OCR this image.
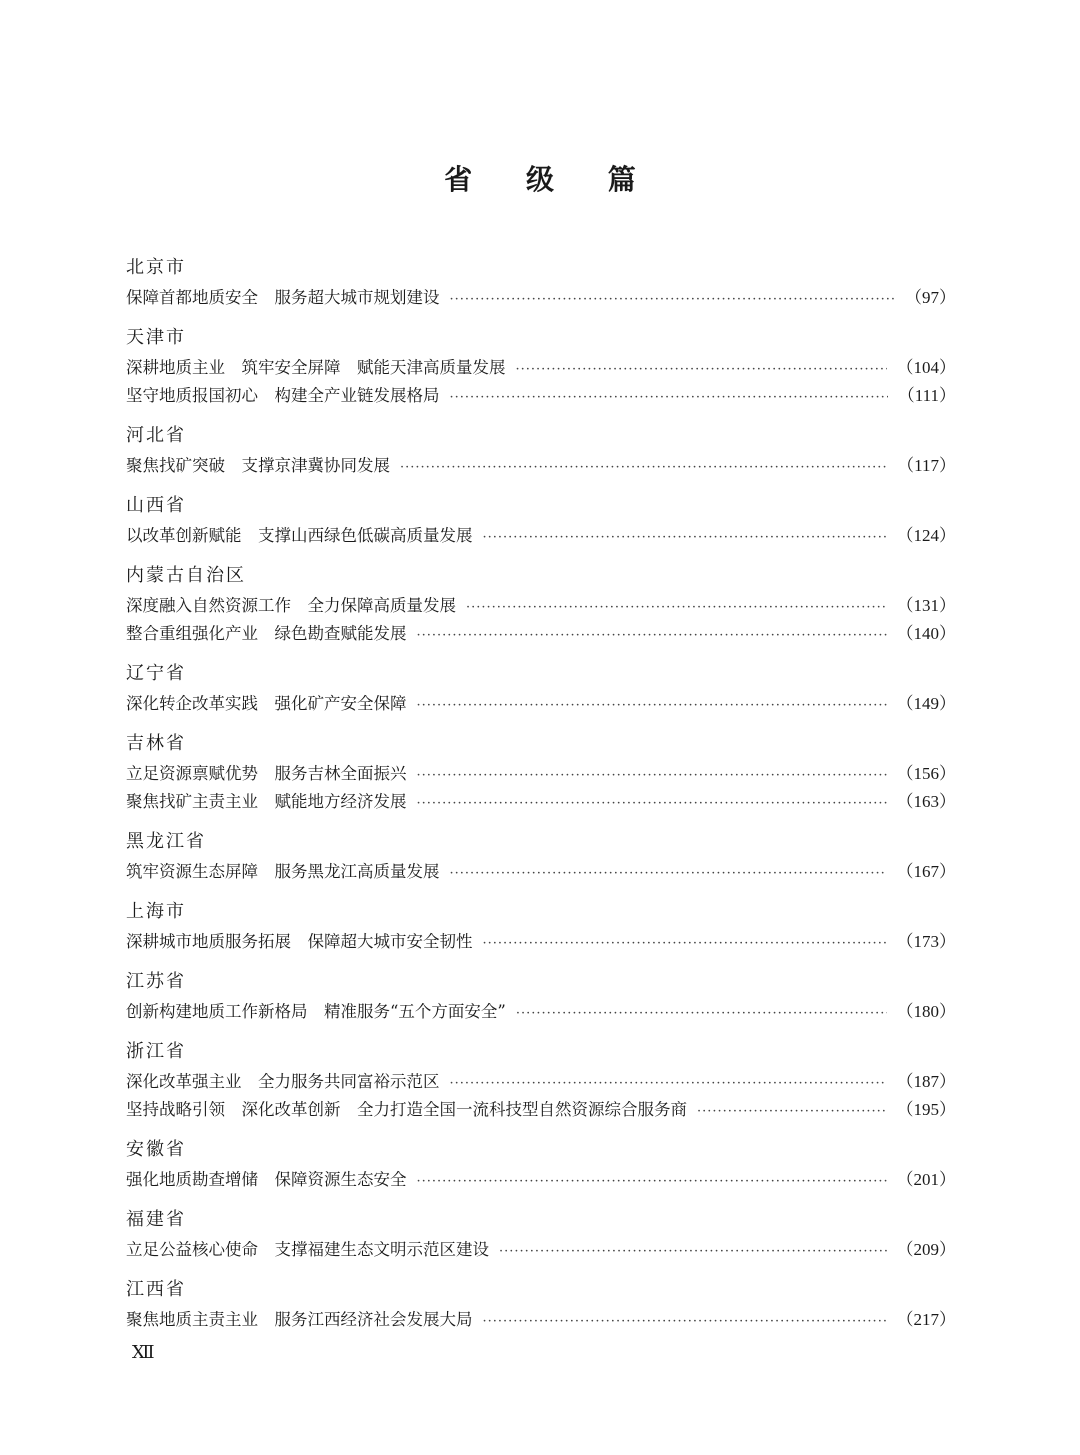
省 级 篇
北京市
保障首都地质安全　服务超大城市规划建设 ·····	（97）
天津市
深耕地质主业　筑牢安全屏障　赋能天津高质量发展 ·····	（104）
坚守地质报国初心　构建全产业链发展格局 ·····	（111）
河北省
聚焦找矿突破　支撑京津冀协同发展 ·····	（117）
山西省
以改革创新赋能　支撑山西绿色低碳高质量发展 ·····	（124）
内蒙古自治区
深度融入自然资源工作　全力保障高质量发展 ·····	（131）
整合重组强化产业　绿色勘查赋能发展 ·····	（140）
辽宁省
深化转企改革实践　强化矿产安全保障 ·····	（149）
吉林省
立足资源禀赋优势　服务吉林全面振兴 ·····	（156）
聚焦找矿主责主业　赋能地方经济发展 ·····	（163）
黑龙江省
筑牢资源生态屏障　服务黑龙江高质量发展 ·····	（167）
上海市
深耕城市地质服务拓展　保障超大城市安全韧性 ·····	（173）
江苏省
创新构建地质工作新格局　精准服务“五个方面安全” ·····	（180）
浙江省
深化改革强主业　全力服务共同富裕示范区 ·····	（187）
坚持战略引领　深化改革创新　全力打造全国一流科技型自然资源综合服务商 ·····	（195）
安徽省
强化地质勘查增储　保障资源生态安全 ·····	（201）
福建省
立足公益核心使命　支撑福建生态文明示范区建设 ·····	（209）
江西省
聚焦地质主责主业　服务江西经济社会发展大局 ·····	（217）
Ⅻ
